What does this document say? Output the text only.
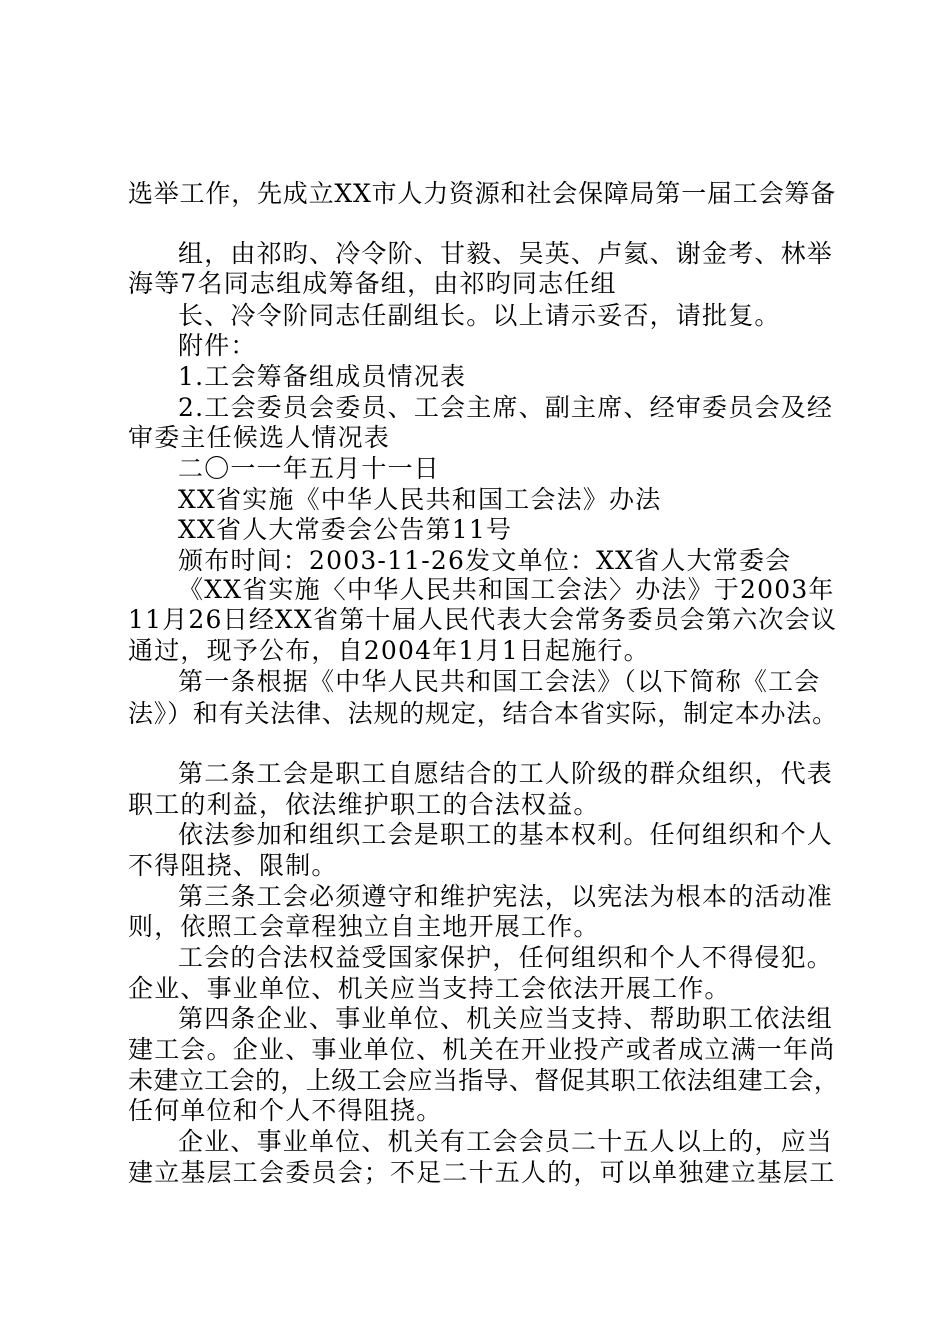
选举工作，先成立XX市人力资源和社会保障局第一届工会筹备
组，由祁昀、冷令阶、甘毅、吴英、卢氦、谢金考、林举
海等7名同志组成筹备组，由祁昀同志任组
长、冷令阶同志任副组长。以上请示妥否，请批复。
附件：
1.工会筹备组成员情况表
2.工会委员会委员、工会主席、副主席、经审委员会及经
审委主任候选人情况表
二〇一一年五月十一日
XX省实施《中华人民共和国工会法》办法
XX省人大常委会公告第11号
颁布时间：2003-11-26发文单位：XX省人大常委会
《XX省实施〈中华人民共和国工会法〉办法》于2003年
11月26日经XX省第十届人民代表大会常务委员会第六次会议
通过，现予公布，自2004年1月1日起施行。
第一条根据《中华人民共和国工会法》（以下简称《工会
法》）和有关法律、法规的规定，结合本省实际，制定本办法。
第二条工会是职工自愿结合的工人阶级的群众组织，代表
职工的利益，依法维护职工的合法权益。
依法参加和组织工会是职工的基本权利。任何组织和个人
不得阻挠、限制。
第三条工会必须遵守和维护宪法，以宪法为根本的活动准
则，依照工会章程独立自主地开展工作。
工会的合法权益受国家保护，任何组织和个人不得侵犯。
企业、事业单位、机关应当支持工会依法开展工作。
第四条企业、事业单位、机关应当支持、帮助职工依法组
建工会。企业、事业单位、机关在开业投产或者成立满一年尚
未建立工会的，上级工会应当指导、督促其职工依法组建工会，
任何单位和个人不得阻挠。
企业、事业单位、机关有工会会员二十五人以上的，应当
建立基层工会委员会；不足二十五人的，可以单独建立基层工
